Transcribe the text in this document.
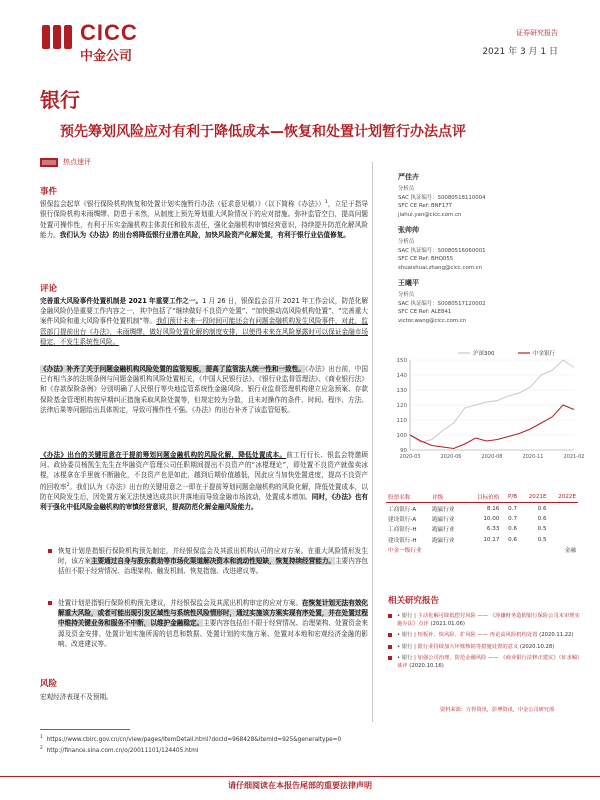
CICC
中金公司
证券研究报告
2021 年 3 月 1 日
银行
预先筹划风险应对有利于降低成本—恢复和处置计划暂行办法点评
热点速评
事件
银保监会起草《银行保险机构恢复和处置计划实施暂行办法（征求意见稿）》（以下简称《办法》）$^1$，立足于指导银行保险机构未雨绸缪、防患于未然，从制度上预先筹划重大风险情况下的应对措施。弥补监管空白，提高问题处置可操作性，有利于压实金融机构主体责任和股东责任，强化金融机构审慎经营意识，持续提升防范化解风险能力。我们认为《办法》的出台将降低银行业潜在风险，加快风险资产化解处置，有利于银行业估值修复。
评论
完善重大风险事件处置机制是 2021 年重要工作之一。1 月 26 日，银保监会召开 2021 年工作会议，防范化解金融风险仍是重要工作内容之一，其中包括了“继续做好不良资产处置”、“加快推动高风险机构处置”、“完善重大案件风险和重大风险事件处置机制”等。我们预计未来一段时间可能还会有问题金融机构发生风险事件，对此，监管部门提前出台《办法》，未雨绸缪，做好风险处置化解的制度安排，以使得未来在风险暴露时可以保证金融市场稳定、不发生系统性风险。
《办法》补齐了关于问题金融机构风险处置的监管短板，提高了监管法人统一性和一致性。《办法》出台前，中国已有相当多的法规条例与问题金融机构风险处置相关，《中国人民银行法》、《银行业监督管理法》、《商业银行法》和《存款保险条例》分别明确了人民银行等央地监管系统性金融风险、银行业监督管理机构建立应急预案、存款保险基金管理机构按早期纠正措施采取风险处置等，但规定较为分散，且未对操作的条件、时间、程序、方法、法律后果等问题给出具体规定，导致可操作性不强。《办法》的出台补齐了该监管短板。
《办法》出台的关键用意在于提前筹划问题金融机构的风险化解，降低处置成本。前工行行长、银监会特邀顾问、政协委员杨凯生先生在华融资产管理公司任职期间提出不良资产的“冰棍理论”，即处置不良资产就像卖冰棍，冰棍拿在手里就不断融化，不良资产也是如此，越到后期价值越低，因此应当加快处置进度，提高不良资产的回收率$^2$。我们认为《办法》出台的关键用意之一即在于提前筹划问题金融机构的风险化解，降低处置成本，以防在风险发生后，因处置方案无法快速达成共识并落地而导致金融市场波动，处置成本增加。同时，《办法》也有利于强化中低风险金融机构的审慎经营意识，提高防范化解金融风险能力。
恢复计划是指银行保险机构预先制定，并经银保监会及其派出机构认可的应对方案。在重大风险情形发生时，该方案主要通过自身与股东救助等市场化渠道解决资本和流动性短缺，恢复持续经营能力。主要内容包括但不限于经营情况、治理架构、触发机制、恢复措施、改进建议等。
处置计划是指银行保险机构预先建议，并经银保监会及其派出机构审定的应对方案。在恢复计划无法有效化解重大风险，或者可能出现引发区域性与系统性风险情形时，通过实施该方案实现有序处置，并在处置过程中维持关键业务和服务不中断，以维护金融稳定。主要内容包括但不限于经营情况、治理架构、处置资金来源及资金安排、处置计划实施所需的信息和数据、处置计划的实施方案、处置对本地和宏观经济金融的影响、改进建议等。
风险
宏观经济表现不及预期。
$^1$ https://www.cbirc.gov.cn/cn/view/pages/ItemDetail.html?docId=968428&itemId=925&generaltype=0
$^2$ http://finance.sina.com.cn/o/20011101/124405.html
严佳卉
分析员
SAC 执证编号：S0080518110004
SFC CE Ref: BNF177
jiahui.yan@cicc.com.cn
张帅帅
分析员
SAC 执证编号：S0080516060001
SFC CE Ref: BHQ055
shuaishuai.zhang@cicc.com.cn
王曦平
分析员
SAC 执证编号：S0080517120002
SFC CE Ref: ALE841
victor.wang@cicc.com.cn
90
100
110
120
130
140
150
2020-03	2020-06	2020-08	2020-11	2021-02
沪深300	中金银行
股票名称	评级	目标价格	P/B	2021E	2022E
工商银行-A	跑赢行业	8.16	0.7	0.6	
建设银行-A	跑赢行业	10.00	0.7	0.6	
工商银行-H	跑赢行业	6.33	0.6	0.5	
建设银行-H	跑赢行业	10.17	0.6	0.5	
中金一级行业				金融	
相关研究报告
• 银行 | 主动化解可降低偿付风险 —— 《涉嫌财务造假银行保险公司未审理实施办法》点评 (2021.01.06)
• 银行 | 短板补、快风险、扩风险 —— 再论高风险机构处置 (2020.11.22)
• 银行 | 银行业持续加大坏账核销等措施处置的意义 (2020.10.28)
• 银行 | 加强公司治理，防范金融风险 —— 《商业银行法修正建议》（征求稿）谈评 (2020.10.16)
资料来源：万得资讯，彭博资讯，中金公司研究部
请仔细阅读在本报告尾部的重要法律声明
